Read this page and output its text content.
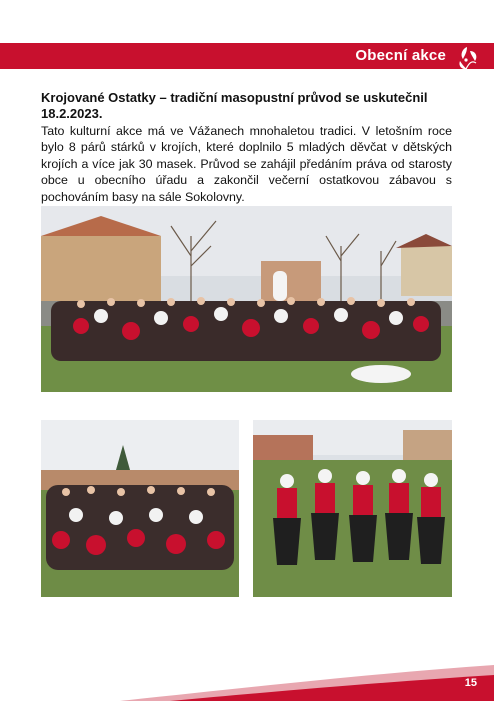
Obecní akce
Krojované Ostatky – tradiční masopustní průvod se uskutečnil 18.2.2023.

Tato kulturní akce má ve Vážanech mnohaletou tradici. V letošním roce bylo 8 párů stárků v krojích, které doplnilo 5 mladých děvčat v dětských krojích a více jak 30 masek. Průvod se zahájil předáním práva od starosty obce u obecního úřadu a zakončil večerní ostatkovou zábavou s pochováním basy na sále Sokolovny.

15
